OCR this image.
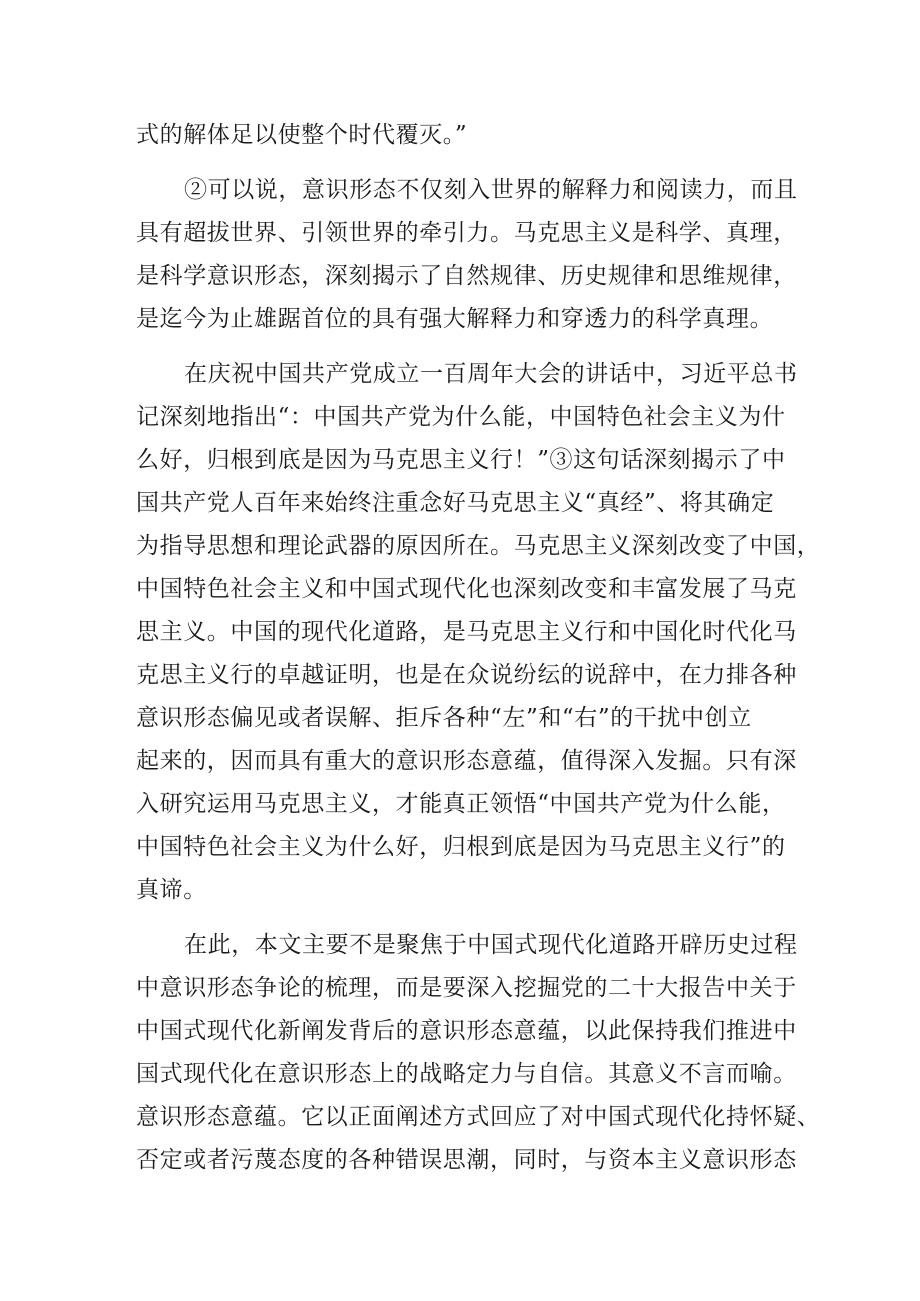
式的解体足以使整个时代覆灭。”
②可以说，意识形态不仅刻入世界的解释力和阅读力，而且
具有超拔世界、引领世界的牵引力。马克思主义是科学、真理，
是科学意识形态，深刻揭示了自然规律、历史规律和思维规律，
是迄今为止雄踞首位的具有强大解释力和穿透力的科学真理。
在庆祝中国共产党成立一百周年大会的讲话中，习近平总书
记深刻地指出“：中国共产党为什么能，中国特色社会主义为什
么好，归根到底是因为马克思主义行！”③这句话深刻揭示了中
国共产党人百年来始终注重念好马克思主义“真经”、将其确定
为指导思想和理论武器的原因所在。马克思主义深刻改变了中国，
中国特色社会主义和中国式现代化也深刻改变和丰富发展了马克
思主义。中国的现代化道路，是马克思主义行和中国化时代化马
克思主义行的卓越证明，也是在众说纷纭的说辞中，在力排各种
意识形态偏见或者误解、拒斥各种“左”和“右”的干扰中创立
起来的，因而具有重大的意识形态意蕴，值得深入发掘。只有深
入研究运用马克思主义，才能真正领悟“中国共产党为什么能，
中国特色社会主义为什么好，归根到底是因为马克思主义行”的
真谛。
在此，本文主要不是聚焦于中国式现代化道路开辟历史过程
中意识形态争论的梳理，而是要深入挖掘党的二十大报告中关于
中国式现代化新阐发背后的意识形态意蕴，以此保持我们推进中
国式现代化在意识形态上的战略定力与自信。其意义不言而喻。
意识形态意蕴。它以正面阐述方式回应了对中国式现代化持怀疑、
否定或者污蔑态度的各种错误思潮，同时，与资本主义意识形态
